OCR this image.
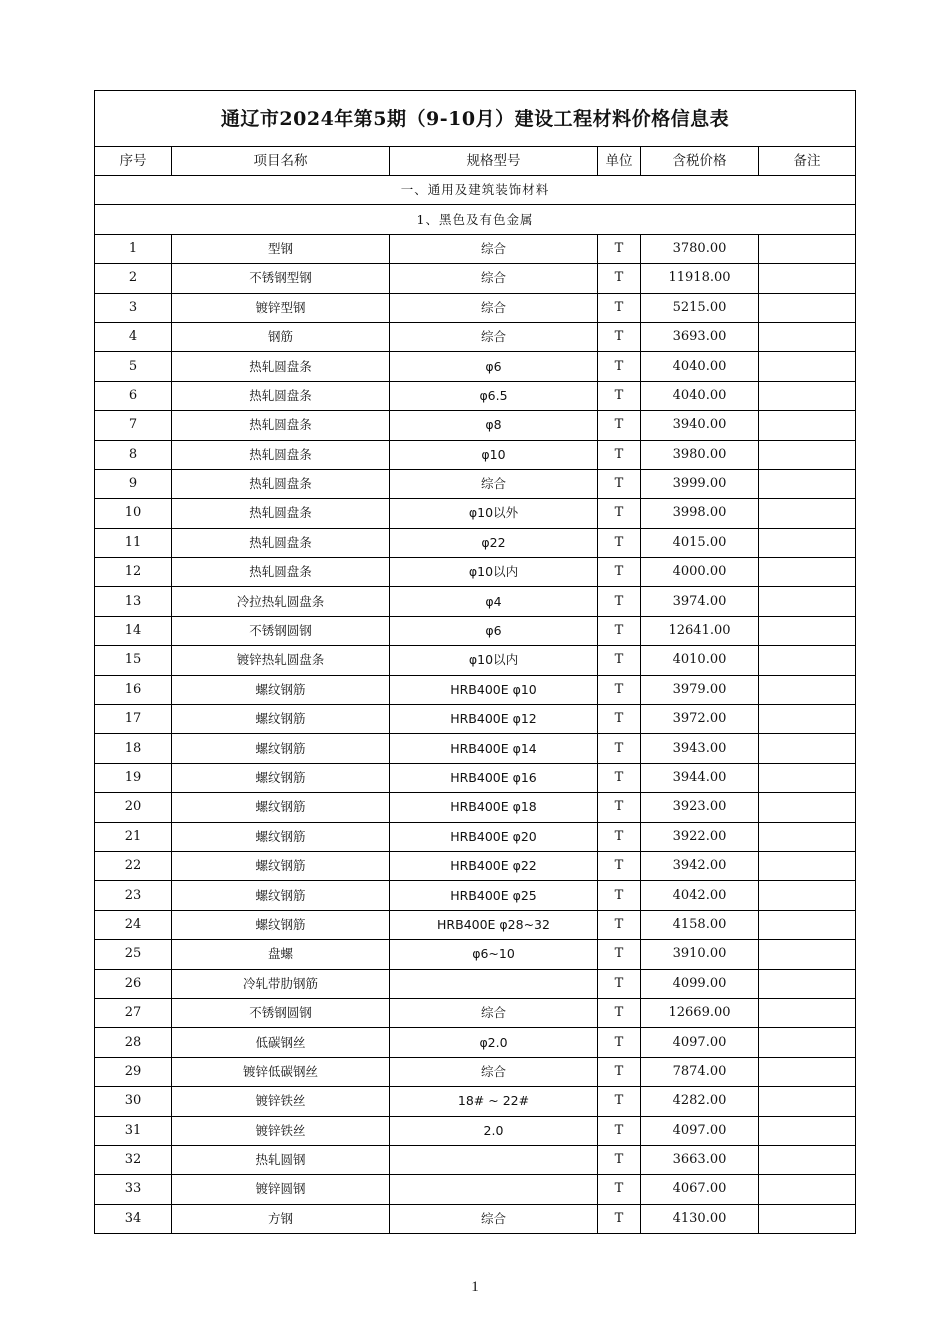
通辽市2024年第5期（9-10月）建设工程材料价格信息表					
序号	项目名称	规格型号	单位	含税价格	备注
一、通用及建筑装饰材料					
1、黑色及有色金属					
1	型钢	综合	T	3780.00	
2	不锈钢型钢	综合	T	11918.00	
3	镀锌型钢	综合	T	5215.00	
4	钢筋	综合	T	3693.00	
5	热轧圆盘条	φ6	T	4040.00	
6	热轧圆盘条	φ6.5	T	4040.00	
7	热轧圆盘条	φ8	T	3940.00	
8	热轧圆盘条	φ10	T	3980.00	
9	热轧圆盘条	综合	T	3999.00	
10	热轧圆盘条	φ10以外	T	3998.00	
11	热轧圆盘条	φ22	T	4015.00	
12	热轧圆盘条	φ10以内	T	4000.00	
13	冷拉热轧圆盘条	φ4	T	3974.00	
14	不锈钢圆钢	φ6	T	12641.00	
15	镀锌热轧圆盘条	φ10以内	T	4010.00	
16	螺纹钢筋	HRB400E φ10	T	3979.00	
17	螺纹钢筋	HRB400E φ12	T	3972.00	
18	螺纹钢筋	HRB400E φ14	T	3943.00	
19	螺纹钢筋	HRB400E φ16	T	3944.00	
20	螺纹钢筋	HRB400E φ18	T	3923.00	
21	螺纹钢筋	HRB400E φ20	T	3922.00	
22	螺纹钢筋	HRB400E φ22	T	3942.00	
23	螺纹钢筋	HRB400E φ25	T	4042.00	
24	螺纹钢筋	HRB400E φ28~32	T	4158.00	
25	盘螺	φ6~10	T	3910.00	
26	冷轧带肋钢筋		T	4099.00	
27	不锈钢圆钢	综合	T	12669.00	
28	低碳钢丝	φ2.0	T	4097.00	
29	镀锌低碳钢丝	综合	T	7874.00	
30	镀锌铁丝	18# ~ 22#	T	4282.00	
31	镀锌铁丝	2.0	T	4097.00	
32	热轧圆钢		T	3663.00	
33	镀锌圆钢		T	4067.00	
34	方钢	综合	T	4130.00	
1
